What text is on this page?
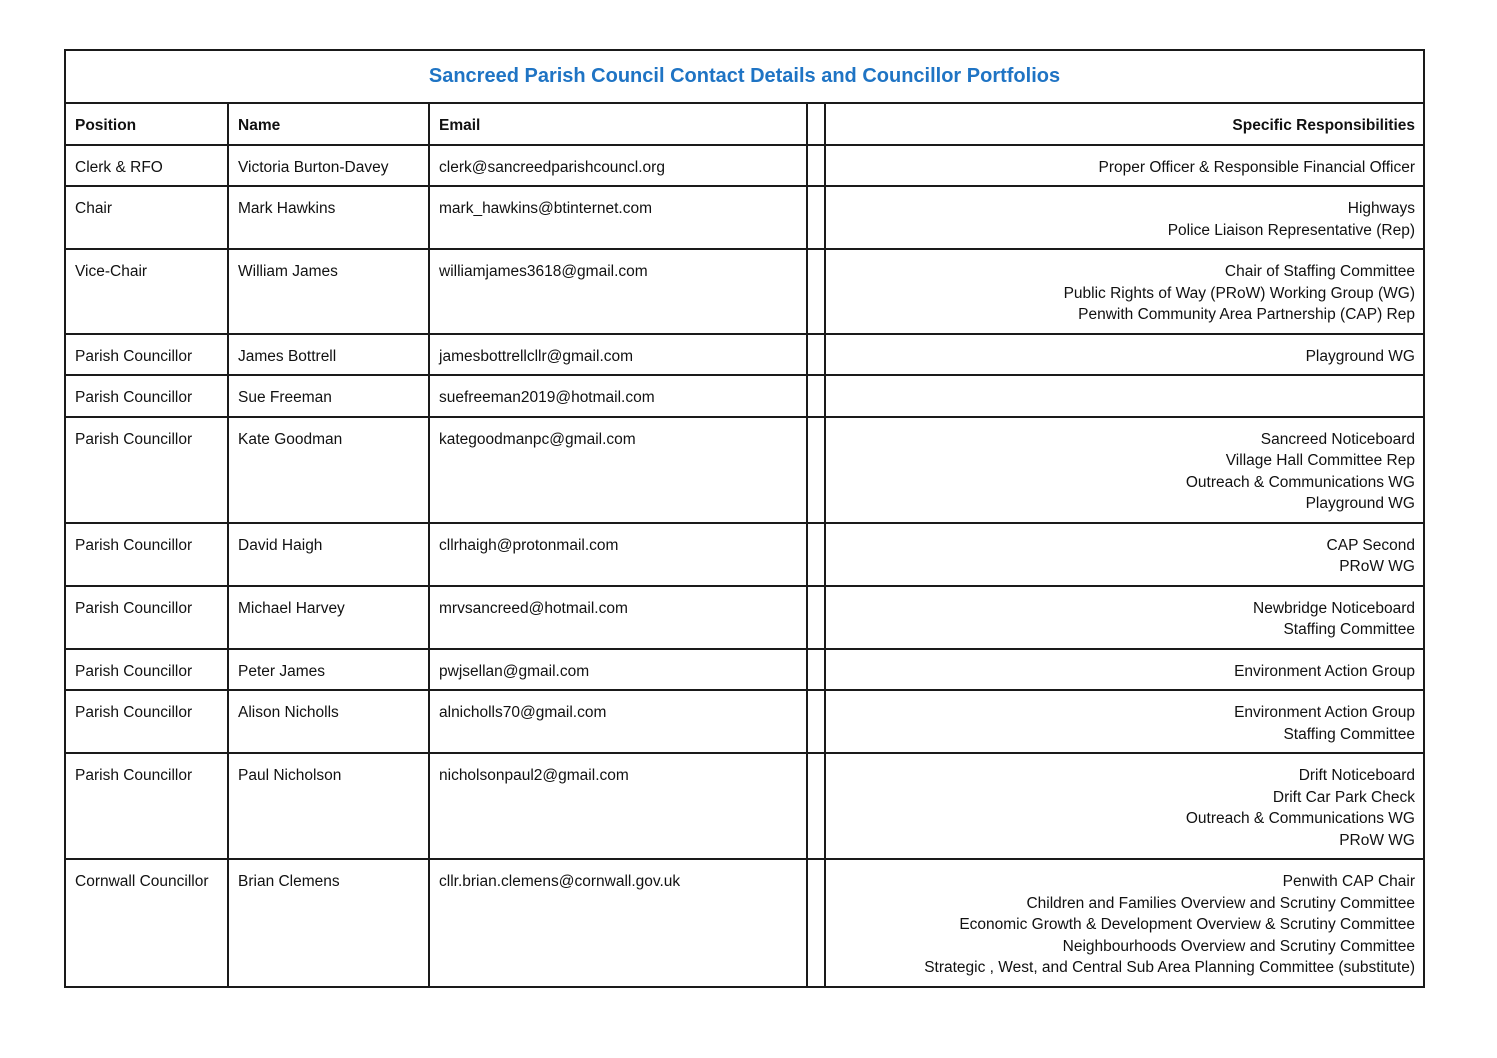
Sancreed Parish Council Contact Details and Councillor Portfolios				
Position	Name	Email		Specific Responsibilities
Clerk & RFO	Victoria Burton-Davey	clerk@sancreedparishcouncl.org		Proper Officer & Responsible Financial Officer

Chair	Mark Hawkins	mark_hawkins@btinternet.com		Highways
Police Liaison Representative (Rep)

Vice-Chair	William James	williamjames3618@gmail.com		Chair of Staffing Committee
Public Rights of Way (PRoW) Working Group (WG)
Penwith Community Area Partnership (CAP) Rep

Parish Councillor	James Bottrell	jamesbottrellcllr@gmail.com		Playground WG

Parish Councillor	Sue Freeman	suefreeman2019@hotmail.com		
Parish Councillor	Kate Goodman	kategoodmanpc@gmail.com		Sancreed Noticeboard
Village Hall Committee Rep
Outreach & Communications WG
Playground WG

Parish Councillor	David Haigh	cllrhaigh@protonmail.com		CAP Second
PRoW WG

Parish Councillor	Michael Harvey	mrvsancreed@hotmail.com		Newbridge Noticeboard
Staffing Committee

Parish Councillor	Peter James	pwjsellan@gmail.com		Environment Action Group

Parish Councillor	Alison Nicholls	alnicholls70@gmail.com		Environment Action Group
Staffing Committee

Parish Councillor	Paul Nicholson	nicholsonpaul2@gmail.com		Drift Noticeboard
Drift Car Park Check
Outreach & Communications WG
PRoW WG

Cornwall Councillor	Brian Clemens	cllr.brian.clemens@cornwall.gov.uk		Penwith CAP Chair
Children and Families Overview and Scrutiny Committee
Economic Growth & Development Overview & Scrutiny Committee
Neighbourhoods Overview and Scrutiny Committee
Strategic , West, and Central Sub Area Planning Committee (substitute)
